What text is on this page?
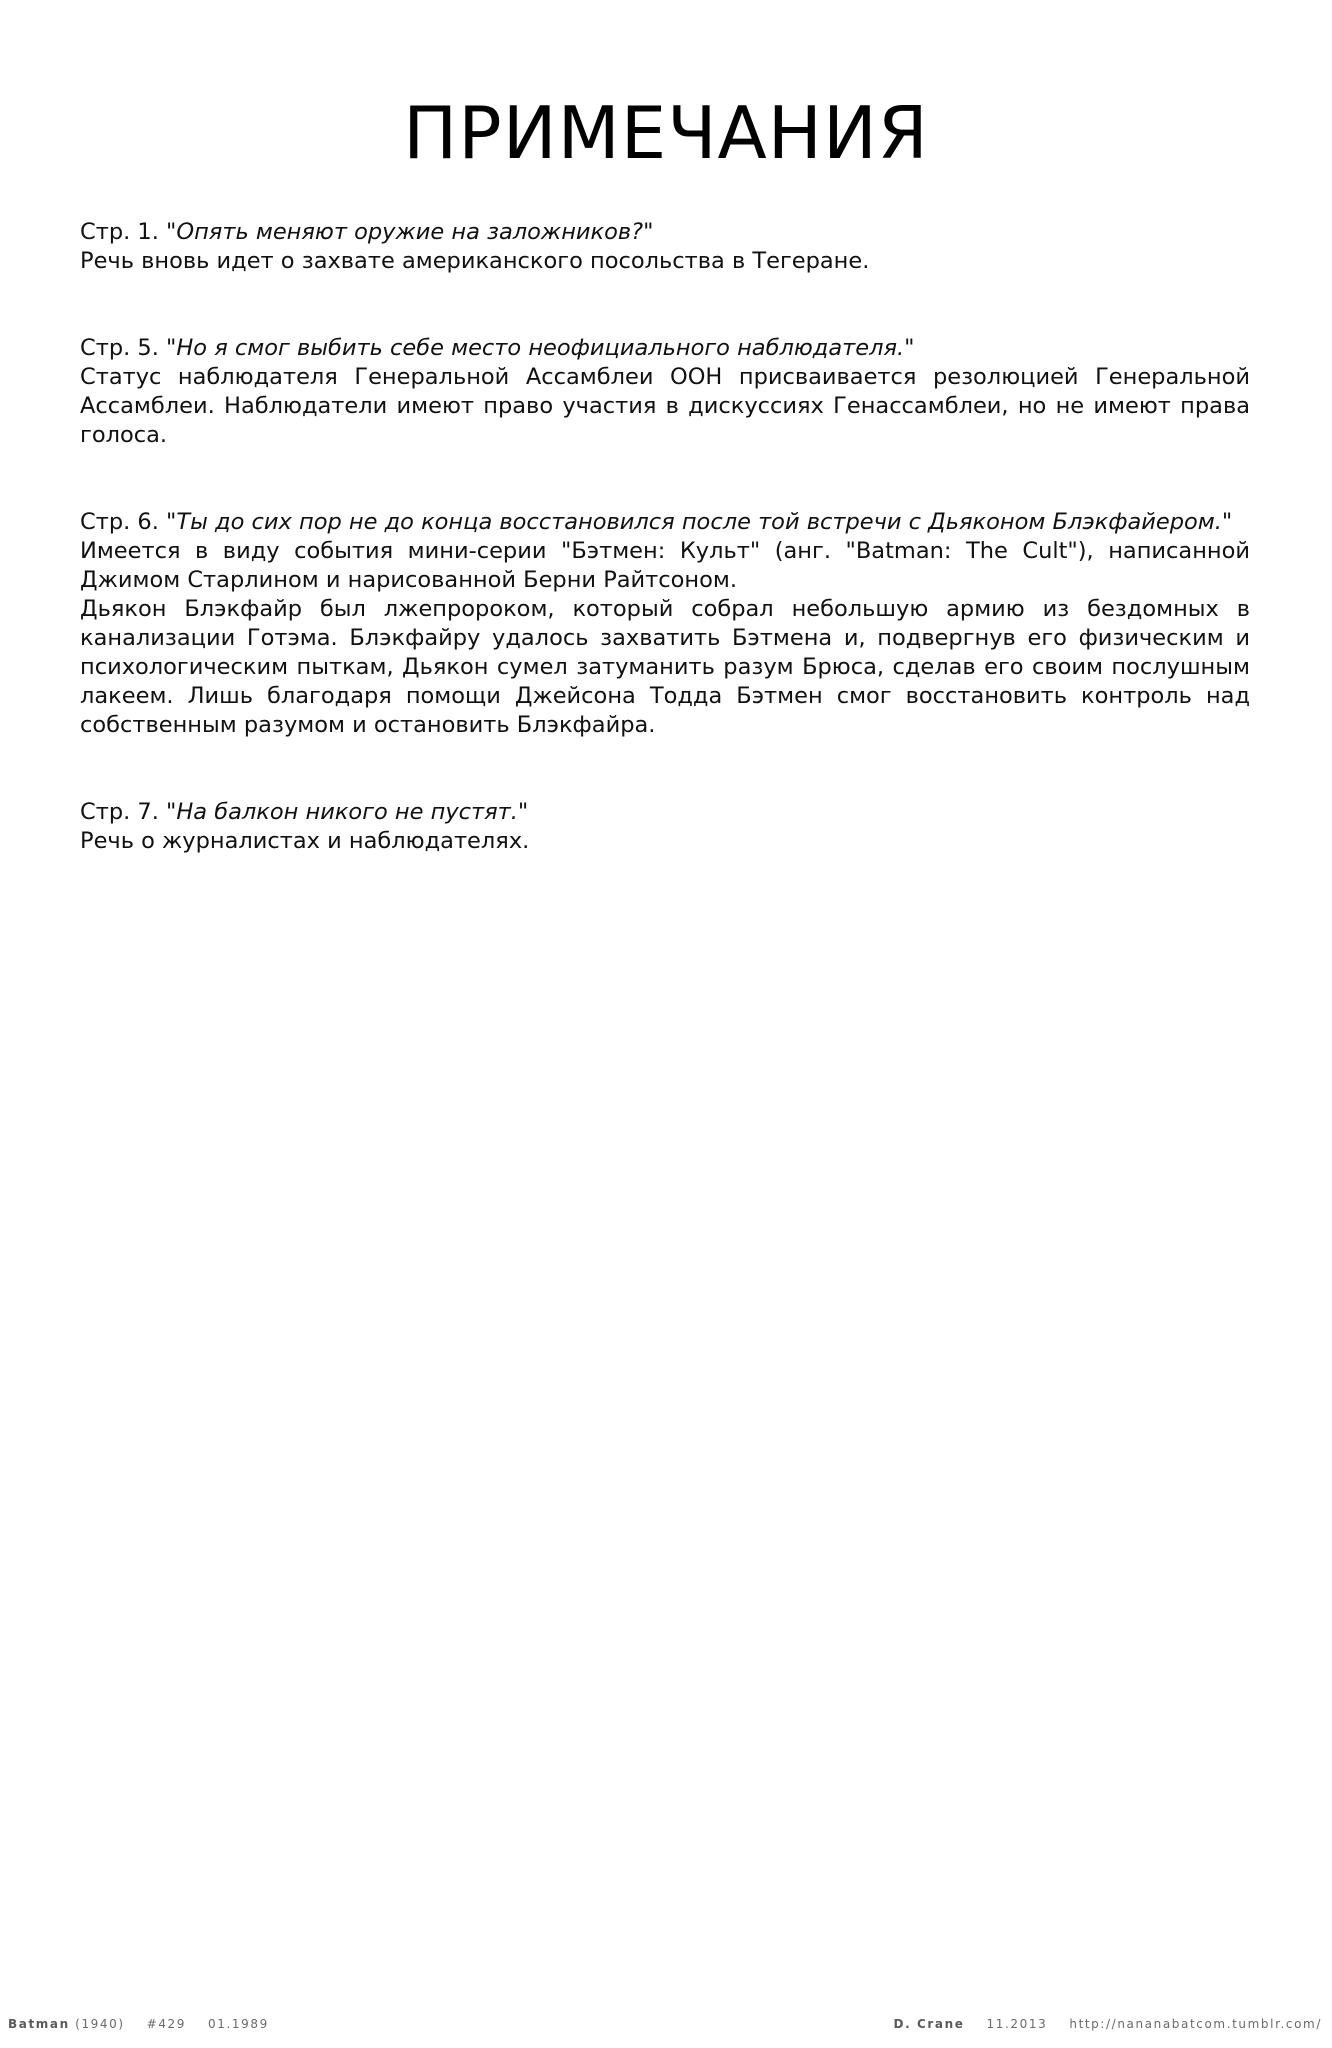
ПРИМЕЧАНИЯ
Стр. 1. "Опять меняют оружие на заложников?"

Речь вновь идет о захвате американского посольства в Тегеране.

Стр. 5. "Но я смог выбить себе место неофициального наблюдателя."

Статус наблюдателя Генеральной Ассамблеи ООН присваивается резолюцией Генеральной Ассамблеи. Наблюдатели имеют право участия в дискуссиях Генассамблеи, но не имеют права голоса.

Стр. 6. "Ты до сих пор не до конца восстановился после той встречи с Дьяконом Блэкфайером."

Имеется в виду события мини-серии "Бэтмен: Культ" (анг. "Batman: The Cult"), написанной Джимом Старлином и нарисованной Берни Райтсоном.

Дьякон Блэкфайр был лжепророком, который собрал небольшую армию из бездомных в канализации Готэма. Блэкфайру удалось захватить Бэтмена и, подвергнув его физическим и психологическим пыткам, Дьякон сумел затуманить разум Брюса, сделав его своим послушным лакеем. Лишь благодаря помощи Джейсона Тодда Бэтмен смог восстановить контроль над собственным разумом и остановить Блэкфайра.

Стр. 7. "На балкон никого не пустят."

Речь о журналистах и наблюдателях.

Batman (1940) #429 01.1989	D. Crane 11.2013 http://nananabatcom.tumblr.com/
